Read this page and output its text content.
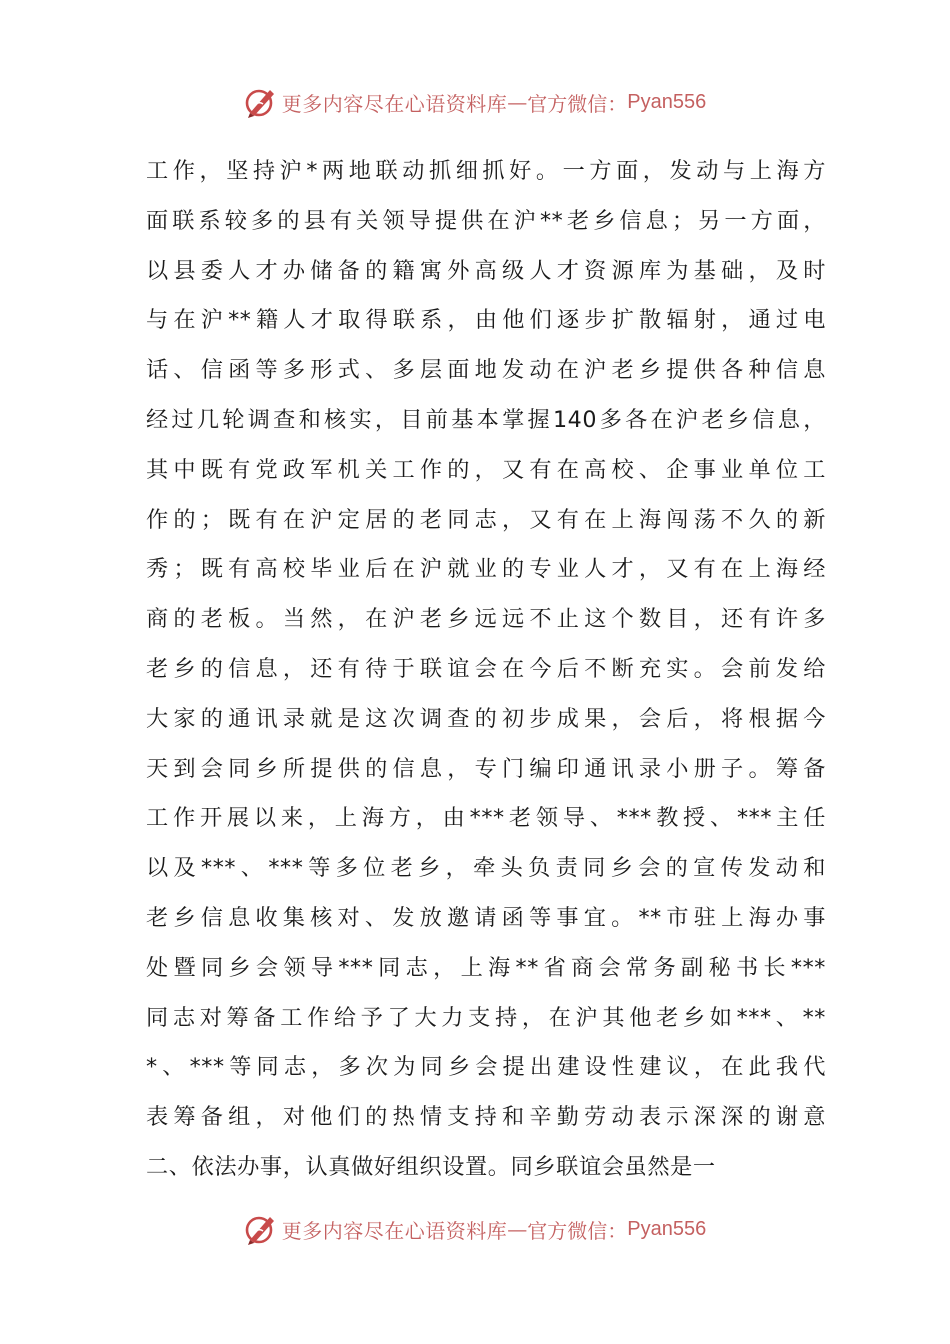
更多内容尽在心语资料库 — 官方微信： Pyan556
工作，坚持沪*两地联动抓细抓好。一方面，发动与上海方
面联系较多的县有关领导提供在沪**老乡信息；另一方面，
以县委人才办储备的籍寓外高级人才资源库为基础，及时
与在沪**籍人才取得联系，由他们逐步扩散辐射，通过电
话、信函等多形式、多层面地发动在沪老乡提供各种信息
经过几轮调查和核实，目前基本掌握140多各在沪老乡信息，
其中既有党政军机关工作的，又有在高校、企事业单位工
作的；既有在沪定居的老同志，又有在上海闯荡不久的新
秀；既有高校毕业后在沪就业的专业人才，又有在上海经
商的老板。当然，在沪老乡远远不止这个数目，还有许多
老乡的信息，还有待于联谊会在今后不断充实。会前发给
大家的通讯录就是这次调查的初步成果，会后，将根据今
天到会同乡所提供的信息，专门编印通讯录小册子。筹备
工作开展以来，上海方，由***老领导、***教授、***主任
以及***、***等多位老乡，牵头负责同乡会的宣传发动和
老乡信息收集核对、发放邀请函等事宜。**市驻上海办事
处暨同乡会领导***同志，上海**省商会常务副秘书长***
同志对筹备工作给予了大力支持，在沪其他老乡如***、**
*、***等同志，多次为同乡会提出建设性建议，在此我代
表筹备组，对他们的热情支持和辛勤劳动表示深深的谢意
二、依法办事，认真做好组织设置。同乡联谊会虽然是一
更多内容尽在心语资料库 — 官方微信： Pyan556
